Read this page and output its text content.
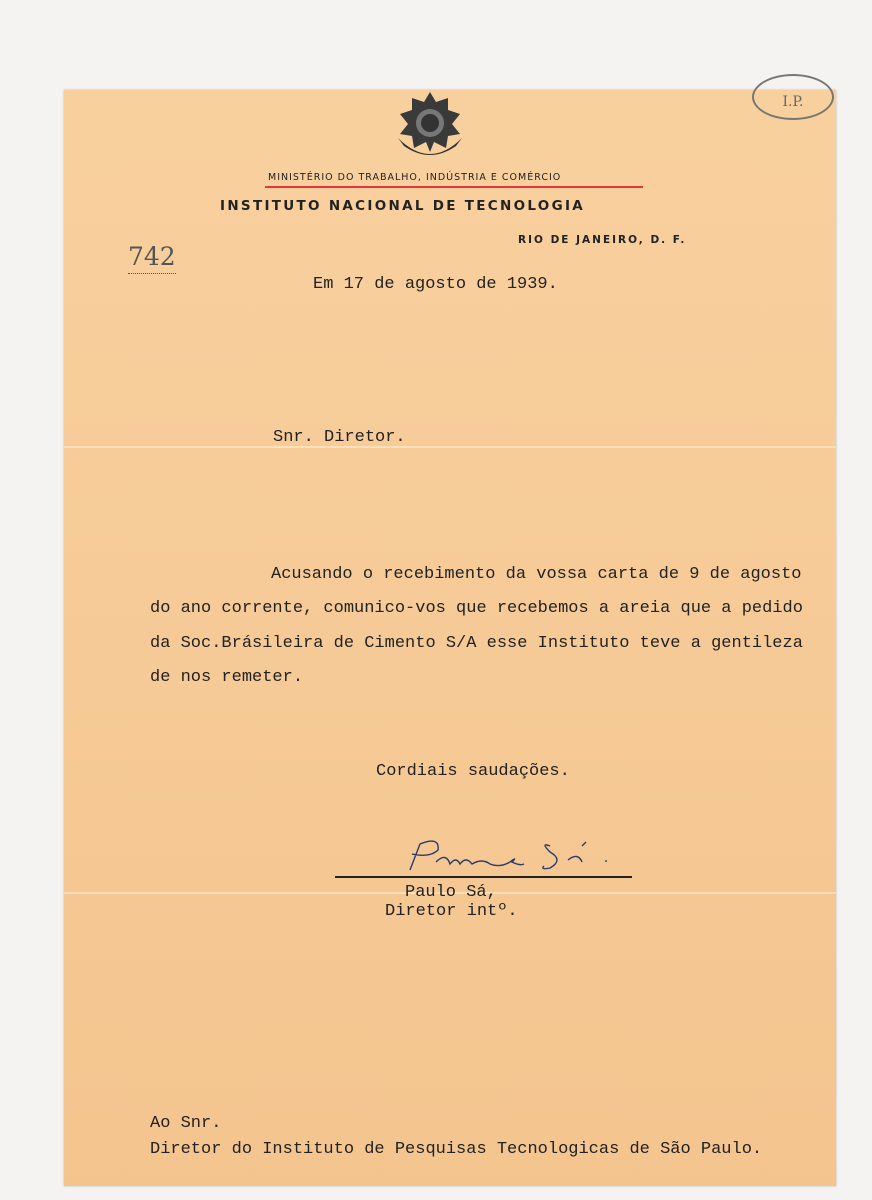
I.P.
MINISTÉRIO DO TRABALHO, INDÚSTRIA E COMÉRCIO
INSTITUTO NACIONAL DE TECNOLOGIA
RIO DE JANEIRO, D. F.
742
Em 17 de agosto de 1939.
Snr. Diretor.
Acusando o recebimento da vossa carta de 9 de agosto
do ano corrente, comunico-vos que recebemos a areia que a pedido
da Soc.Brásileira de Cimento S/A esse Instituto teve a gentileza
de nos remeter.
Cordiais saudações.
Paulo Sá,
Diretor intº.
Ao Snr.
Diretor do Instituto de Pesquisas Tecnologicas de São Paulo.
